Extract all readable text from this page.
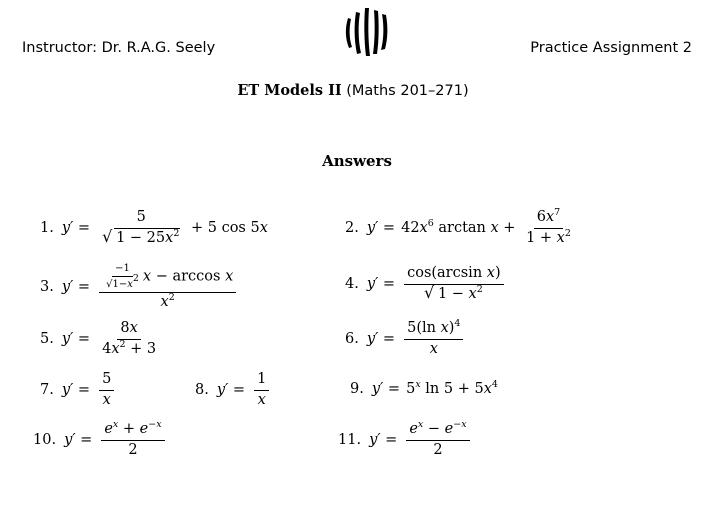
Instructor: Dr. R.A.G. Seely	Practice Assignment 2
ET Models II (Maths 201–271)
Answers
1. $y' = \frac{5}{√ 1 - 25x^2} + 5$ cos 5x	2. $y' = 42x^6$ $\arctan x + \frac{6x^7}{1 + x^2}$
3. $y' = \frac{\frac{-1}{√1-x^2} x - \arccos x}{x^2}$	4. $y' = \frac{\text{cos(arcsin x)}}{√ 1 - x^2}$
5. $y' = \frac{8x}{4x^2 + 3}$	6. $y' = \frac{5(\ln x)^4}{x}$
7. $y' = \frac{5}{x}$	8. $y' = \frac{1}{x}$	9. $y' = 5^x$ $\ln 5 + 5x^4$
10. $y' = \frac{e^x + e^{-x}}{2}$	11. $y' = \frac{e^x - e^{-x}}{2}$
